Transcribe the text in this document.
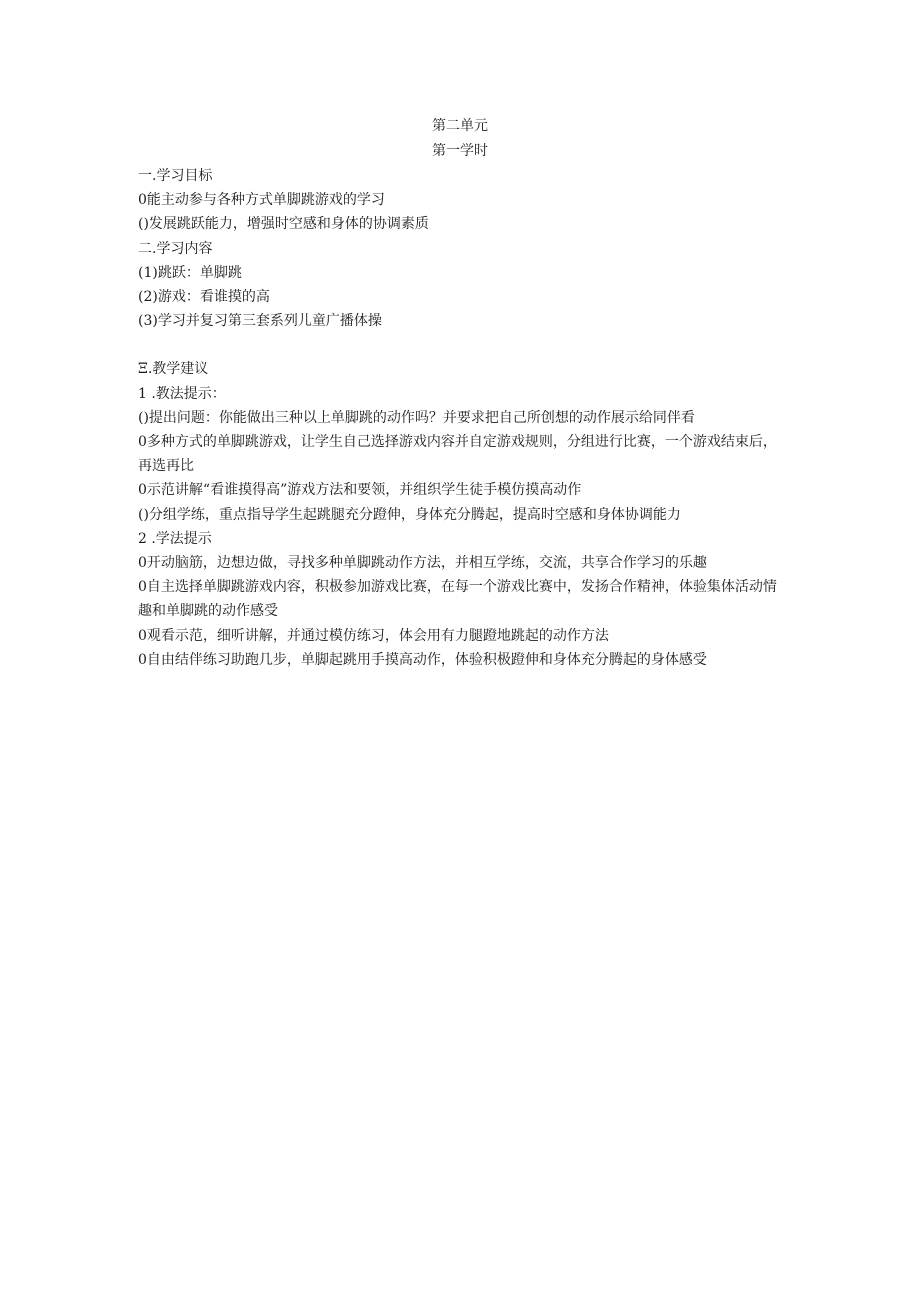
第二单元
第一学时

一.学习目标

0能主动参与各种方式单脚跳游戏的学习

()发展跳跃能力，增强时空感和身体的协调素质

二.学习内容

(1)跳跃：单脚跳

(2)游戏：看谁摸的高

(3)学习并复习第三套系列儿童广播体操

Ξ.教学建议

1 .教法提示：

()提出问题：你能做出三种以上单脚跳的动作吗？并要求把自己所创想的动作展示给同伴看

0多种方式的单脚跳游戏，让学生自己选择游戏内容并自定游戏规则，分组进行比赛，一个游戏结束后，再选再比

0示范讲解“看谁摸得高”游戏方法和要领，并组织学生徒手模仿摸高动作

()分组学练，重点指导学生起跳腿充分蹬伸，身体充分腾起，提高时空感和身体协调能力

2 .学法提示

0开动脑筋，边想边做，寻找多种单脚跳动作方法，并相互学练，交流，共享合作学习的乐趣

0自主选择单脚跳游戏内容，积极参加游戏比赛，在每一个游戏比赛中，发扬合作精神，体验集体活动情趣和单脚跳的动作感受

0观看示范，细听讲解，并通过模仿练习，体会用有力腿蹬地跳起的动作方法

0自由结伴练习助跑几步，单脚起跳用手摸高动作，体验积极蹬伸和身体充分腾起的身体感受
